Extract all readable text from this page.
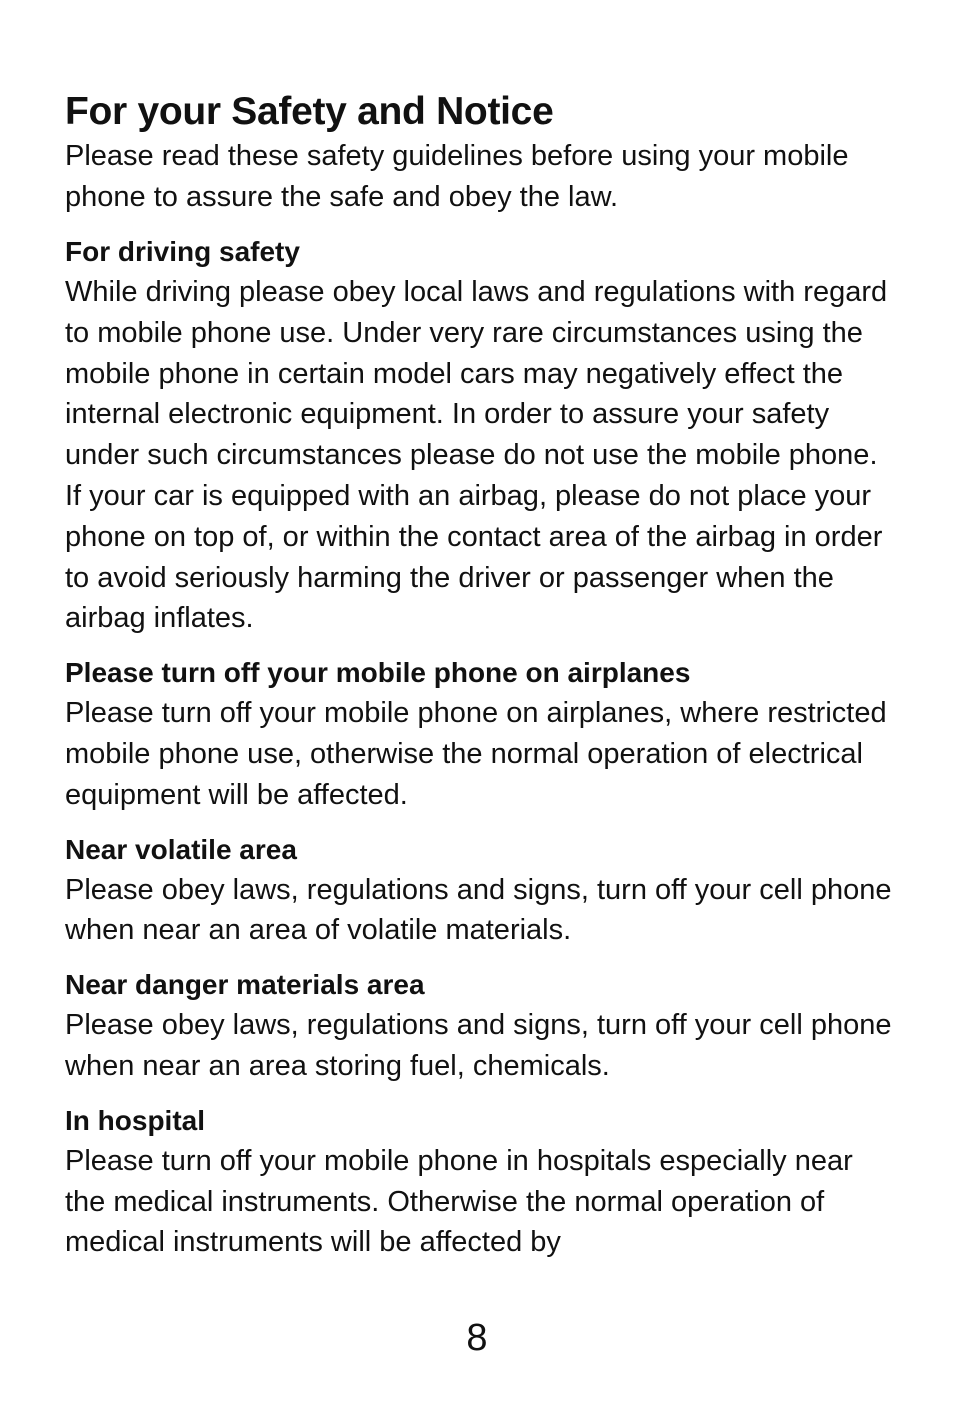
For your Safety and Notice

Please read these safety guidelines before using your mobile phone to assure the safe and obey the law.

For driving safety

While driving please obey local laws and regulations with regard to mobile phone use. Under very rare circumstances using the mobile phone in certain model cars may negatively effect the internal electronic equipment. In order to assure your safety under such circumstances please do not use the mobile phone. If your car is equipped with an airbag, please do not place your phone on top of, or within the contact area of the airbag in order to avoid seriously harming the driver or passenger when the airbag inflates.

Please turn off your mobile phone on airplanes

Please turn off your mobile phone on airplanes, where restricted mobile phone use, otherwise the normal operation of electrical equipment will be affected.

Near volatile area

Please obey laws, regulations and signs, turn off your cell phone when near an area of volatile materials.

Near danger materials area

Please obey laws, regulations and signs, turn off your cell phone when near an area storing fuel, chemicals.

In hospital

Please turn off your mobile phone in hospitals especially near the medical instruments. Otherwise the normal operation of medical instruments will be affected by

8
